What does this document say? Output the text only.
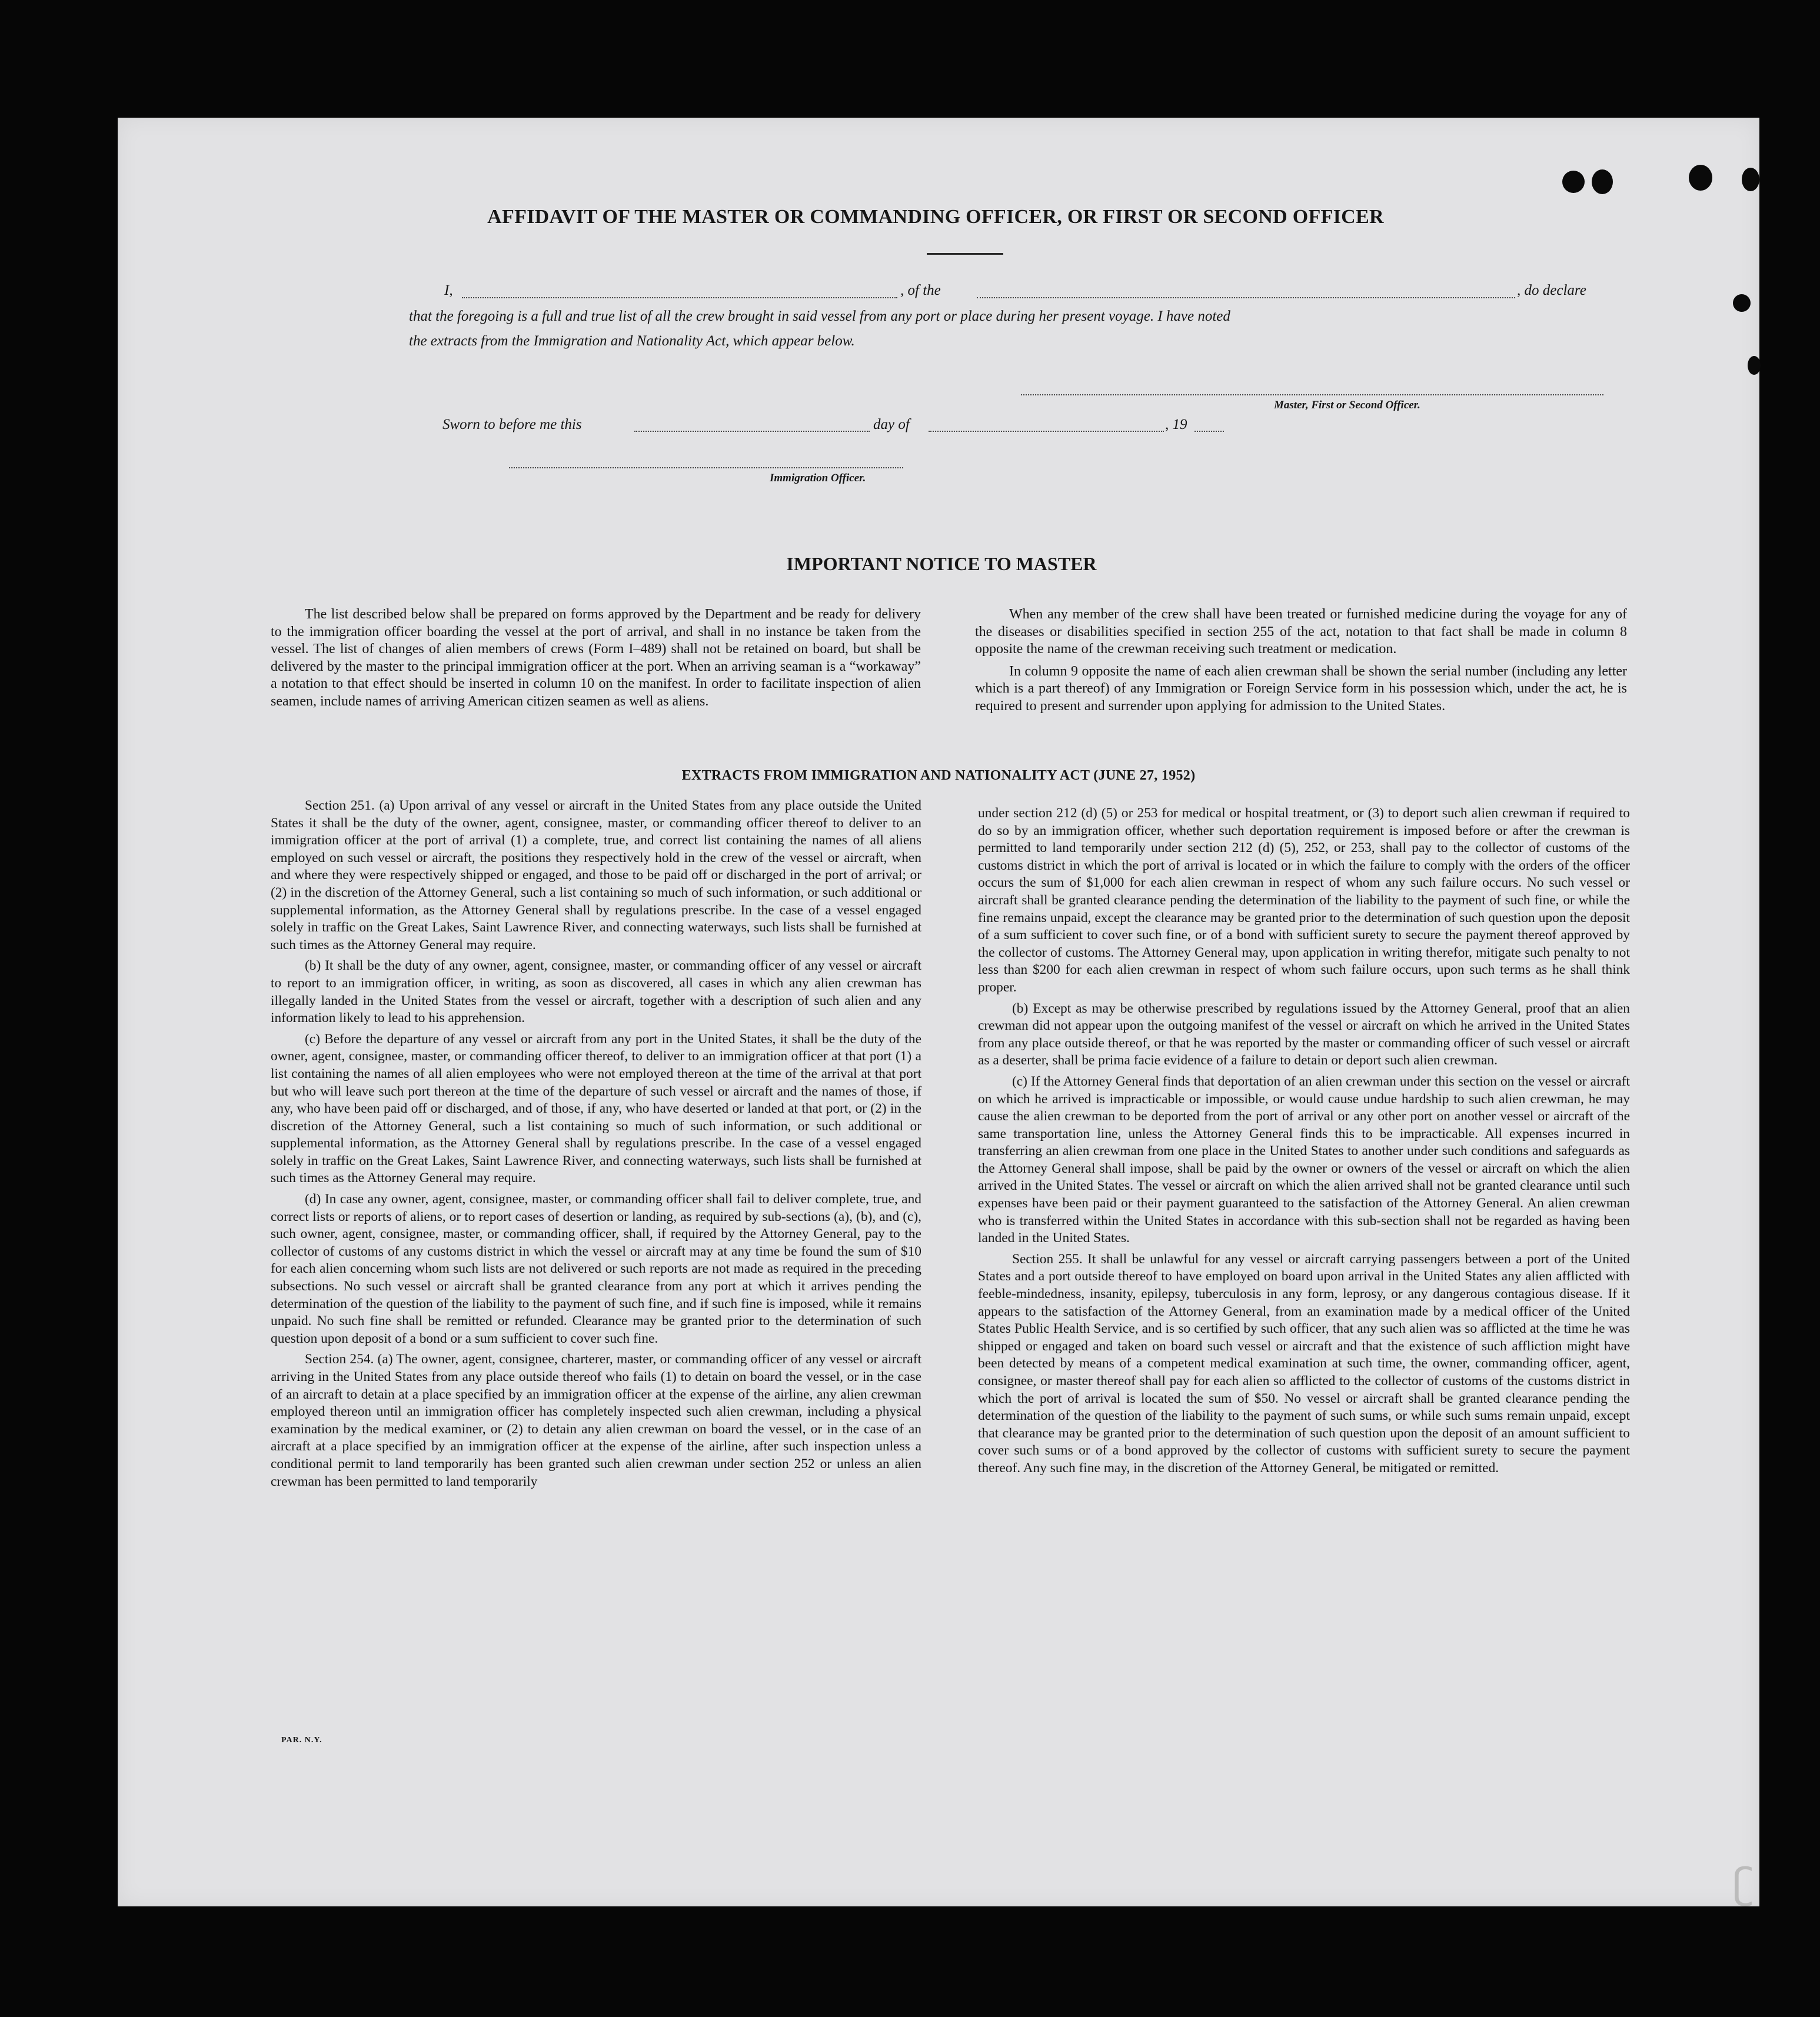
AFFIDAVIT OF THE MASTER OR COMMANDING OFFICER, OR FIRST OR SECOND OFFICER
I,	, of the	, do declare
that the foregoing is a full and true list of all the crew brought in said vessel from any port or place during her present voyage. I have noted
the extracts from the Immigration and Nationality Act, which appear below.
Master, First or Second Officer.
Sworn to before me this	day of	, 19
Immigration Officer.
IMPORTANT NOTICE TO MASTER

The list described below shall be prepared on forms approved by the Department and be ready for delivery to the immigration officer boarding the vessel at the port of arrival, and shall in no instance be taken from the vessel. The list of changes of alien members of crews (Form I–489) shall not be retained on board, but shall be delivered by the master to the principal immigration officer at the port. When an arriving seaman is a “workaway” a notation to that effect should be inserted in column 10 on the manifest. In order to facilitate inspection of alien seamen, include names of arriving American citizen seamen as well as aliens.

When any member of the crew shall have been treated or furnished medicine during the voyage for any of the diseases or disabilities specified in section 255 of the act, notation to that fact shall be made in column 8 opposite the name of the crewman receiving such treatment or medication.

In column 9 opposite the name of each alien crewman shall be shown the serial number (including any letter which is a part thereof) of any Immigration or Foreign Service form in his possession which, under the act, he is required to present and surrender upon applying for admission to the United States.

EXTRACTS FROM IMMIGRATION AND NATIONALITY ACT (JUNE 27, 1952)

Section 251. (a) Upon arrival of any vessel or aircraft in the United States from any place outside the United States it shall be the duty of the owner, agent, consignee, master, or commanding officer thereof to deliver to an immigration officer at the port of arrival (1) a complete, true, and correct list containing the names of all aliens employed on such vessel or aircraft, the positions they respectively hold in the crew of the vessel or aircraft, when and where they were respectively shipped or engaged, and those to be paid off or discharged in the port of arrival; or (2) in the discretion of the Attorney General, such a list containing so much of such information, or such additional or supplemental information, as the Attorney General shall by regulations prescribe. In the case of a vessel engaged solely in traffic on the Great Lakes, Saint Lawrence River, and connecting waterways, such lists shall be furnished at such times as the Attorney General may require.

(b) It shall be the duty of any owner, agent, consignee, master, or commanding officer of any vessel or aircraft to report to an immigration officer, in writing, as soon as discovered, all cases in which any alien crewman has illegally landed in the United States from the vessel or aircraft, together with a description of such alien and any information likely to lead to his apprehension.

(c) Before the departure of any vessel or aircraft from any port in the United States, it shall be the duty of the owner, agent, consignee, master, or commanding officer thereof, to deliver to an immigration officer at that port (1) a list containing the names of all alien employees who were not employed thereon at the time of the arrival at that port but who will leave such port thereon at the time of the departure of such vessel or aircraft and the names of those, if any, who have been paid off or discharged, and of those, if any, who have deserted or landed at that port, or (2) in the discretion of the Attorney General, such a list containing so much of such information, or such additional or supplemental information, as the Attorney General shall by regulations prescribe. In the case of a vessel engaged solely in traffic on the Great Lakes, Saint Lawrence River, and connecting waterways, such lists shall be furnished at such times as the Attorney General may require.

(d) In case any owner, agent, consignee, master, or commanding officer shall fail to deliver complete, true, and correct lists or reports of aliens, or to report cases of desertion or landing, as required by sub-sections (a), (b), and (c), such owner, agent, consignee, master, or commanding officer, shall, if required by the Attorney General, pay to the collector of customs of any customs district in which the vessel or aircraft may at any time be found the sum of $10 for each alien concerning whom such lists are not delivered or such reports are not made as required in the preceding subsections. No such vessel or aircraft shall be granted clearance from any port at which it arrives pending the determination of the question of the liability to the payment of such fine, and if such fine is imposed, while it remains unpaid. No such fine shall be remitted or refunded. Clearance may be granted prior to the determination of such question upon deposit of a bond or a sum sufficient to cover such fine.

Section 254. (a) The owner, agent, consignee, charterer, master, or commanding officer of any vessel or aircraft arriving in the United States from any place outside thereof who fails (1) to detain on board the vessel, or in the case of an aircraft to detain at a place specified by an immigration officer at the expense of the airline, any alien crewman employed thereon until an immigration officer has completely inspected such alien crewman, including a physical examination by the medical examiner, or (2) to detain any alien crewman on board the vessel, or in the case of an aircraft at a place specified by an immigration officer at the expense of the airline, after such inspection unless a conditional permit to land temporarily has been granted such alien crewman under section 252 or unless an alien crewman has been permitted to land temporarily

under section 212 (d) (5) or 253 for medical or hospital treatment, or (3) to deport such alien crewman if required to do so by an immigration officer, whether such deportation requirement is imposed before or after the crewman is permitted to land temporarily under section 212 (d) (5), 252, or 253, shall pay to the collector of customs of the customs district in which the port of arrival is located or in which the failure to comply with the orders of the officer occurs the sum of $1,000 for each alien crewman in respect of whom any such failure occurs. No such vessel or aircraft shall be granted clearance pending the determination of the liability to the payment of such fine, or while the fine remains unpaid, except the clearance may be granted prior to the determination of such question upon the deposit of a sum sufficient to cover such fine, or of a bond with sufficient surety to secure the payment thereof approved by the collector of customs. The Attorney General may, upon application in writing therefor, mitigate such penalty to not less than $200 for each alien crewman in respect of whom such failure occurs, upon such terms as he shall think proper.

(b) Except as may be otherwise prescribed by regulations issued by the Attorney General, proof that an alien crewman did not appear upon the outgoing manifest of the vessel or aircraft on which he arrived in the United States from any place outside thereof, or that he was reported by the master or commanding officer of such vessel or aircraft as a deserter, shall be prima facie evidence of a failure to detain or deport such alien crewman.

(c) If the Attorney General finds that deportation of an alien crewman under this section on the vessel or aircraft on which he arrived is impracticable or impossible, or would cause undue hardship to such alien crewman, he may cause the alien crewman to be deported from the port of arrival or any other port on another vessel or aircraft of the same transportation line, unless the Attorney General finds this to be impracticable. All expenses incurred in transferring an alien crewman from one place in the United States to another under such conditions and safeguards as the Attorney General shall impose, shall be paid by the owner or owners of the vessel or aircraft on which the alien arrived in the United States. The vessel or aircraft on which the alien arrived shall not be granted clearance until such expenses have been paid or their payment guaranteed to the satisfaction of the Attorney General. An alien crewman who is transferred within the United States in accordance with this sub-section shall not be regarded as having been landed in the United States.

Section 255. It shall be unlawful for any vessel or aircraft carrying passengers between a port of the United States and a port outside thereof to have employed on board upon arrival in the United States any alien afflicted with feeble-mindedness, insanity, epilepsy, tuberculosis in any form, leprosy, or any dangerous contagious disease. If it appears to the satisfaction of the Attorney General, from an examination made by a medical officer of the United States Public Health Service, and is so certified by such officer, that any such alien was so afflicted at the time he was shipped or engaged and taken on board such vessel or aircraft and that the existence of such affliction might have been detected by means of a competent medical examination at such time, the owner, commanding officer, agent, consignee, or master thereof shall pay for each alien so afflicted to the collector of customs of the customs district in which the port of arrival is located the sum of $50. No vessel or aircraft shall be granted clearance pending the determination of the question of the liability to the payment of such sums, or while such sums remain unpaid, except that clearance may be granted prior to the determination of such question upon the deposit of an amount sufficient to cover such sums or of a bond approved by the collector of customs with sufficient surety to secure the payment thereof. Any such fine may, in the discretion of the Attorney General, be mitigated or remitted.

PAR. N.Y.
ʗ
